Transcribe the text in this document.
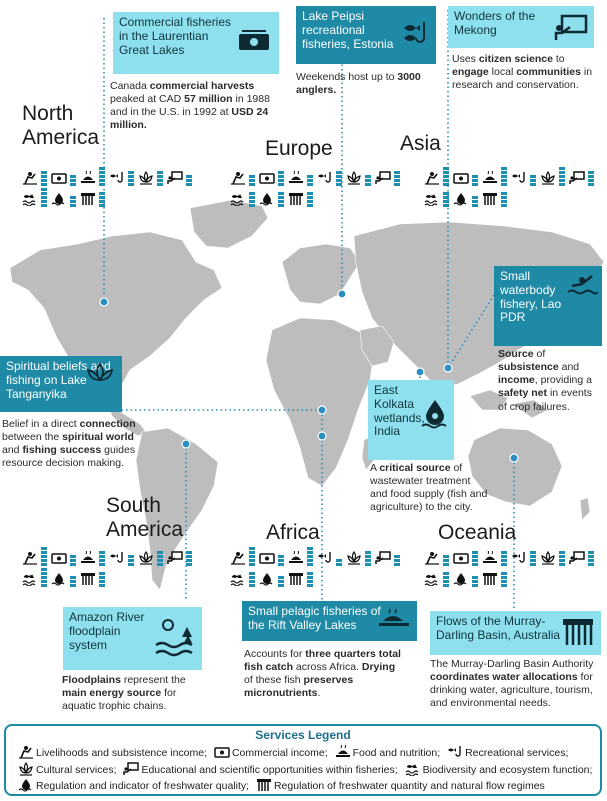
Commercial fisheries in the Laurentian Great Lakes
Canada commercial harvests peaked at CAD 57 million in 1988 and in the U.S. in 1992 at USD 24 million.
Lake Peipsi recreational fisheries, Estonia
Weekends host up to 3000 anglers.
Wonders of the Mekong
Uses citizen science to engage local communities in research and conservation.
Small waterbody fishery, Lao PDR
Source of subsistence and income, providing a safety net in events of crop failures.
Spiritual beliefs and fishing on Lake Tanganyika
Belief in a direct connection between the spiritual world and fishing success guides resource decision making.
East Kolkata wetlands, India
A critical source of wastewater treatment and food supply (fish and agriculture) to the city.
Amazon River floodplain system
Floodplains represent the main energy source for aquatic trophic chains.
Small pelagic fisheries of the Rift Valley Lakes
Accounts for three quarters total fish catch across Africa. Drying of these fish preserves micronutrients.
Flows of the Murray-Darling Basin, Australia
The Murray-Darling Basin Authority coordinates water allocations for drinking water, agriculture, tourism, and environmental needs.
North
America	Europe	Asia
South
America	Africa	Oceania
Services Legend
Livelihoods and subsistence income; Commercial income; Food and nutrition; Recreational services;
Cultural services; Educational and scientific opportunities within fisheries; Biodiversity and ecosystem function;
Regulation and indicator of freshwater quality; Regulation of freshwater quantity and natural flow regimes
